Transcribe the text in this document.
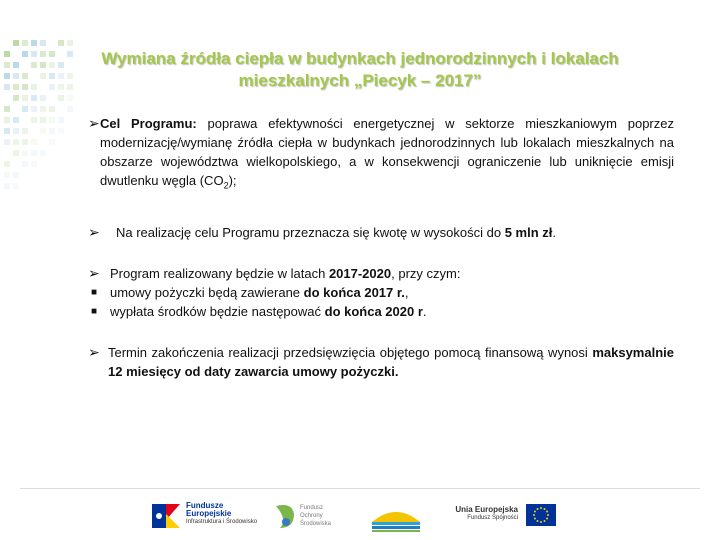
Wymiana źródła ciepła w budynkach jednorodzinnych i lokalach
mieszkalnych „Piecyk – 2017”
➢ Cel Programu: poprawa efektywności energetycznej w sektorze mieszkaniowym poprzez modernizację/wymianę źródła ciepła w budynkach jednorodzinnych lub lokalach mieszkalnych na obszarze województwa wielkopolskiego, a w konsekwencji ograniczenie lub uniknięcie emisji dwutlenku węgla $(CO_2)$;
➢ Na realizację celu Programu przeznacza się kwotę w wysokości do 5 mln zł.
➢ Program realizowany będzie w latach 2017-2020, przy czym:
■ umowy pożyczki będą zawierane do końca 2017 r.,
■ wypłata środków będzie następować do końca 2020 r.
➢ Termin zakończenia realizacji przedsięwzięcia objętego pomocą finansową wynosi maksymalnie 12 miesięcy od daty zawarcia umowy pożyczki.
Fundusze
Europejskie
Infrastruktura i Środowisko
Fundusz
Ochrony
Środowiska
Unia Europejska
Fundusz Spójności
